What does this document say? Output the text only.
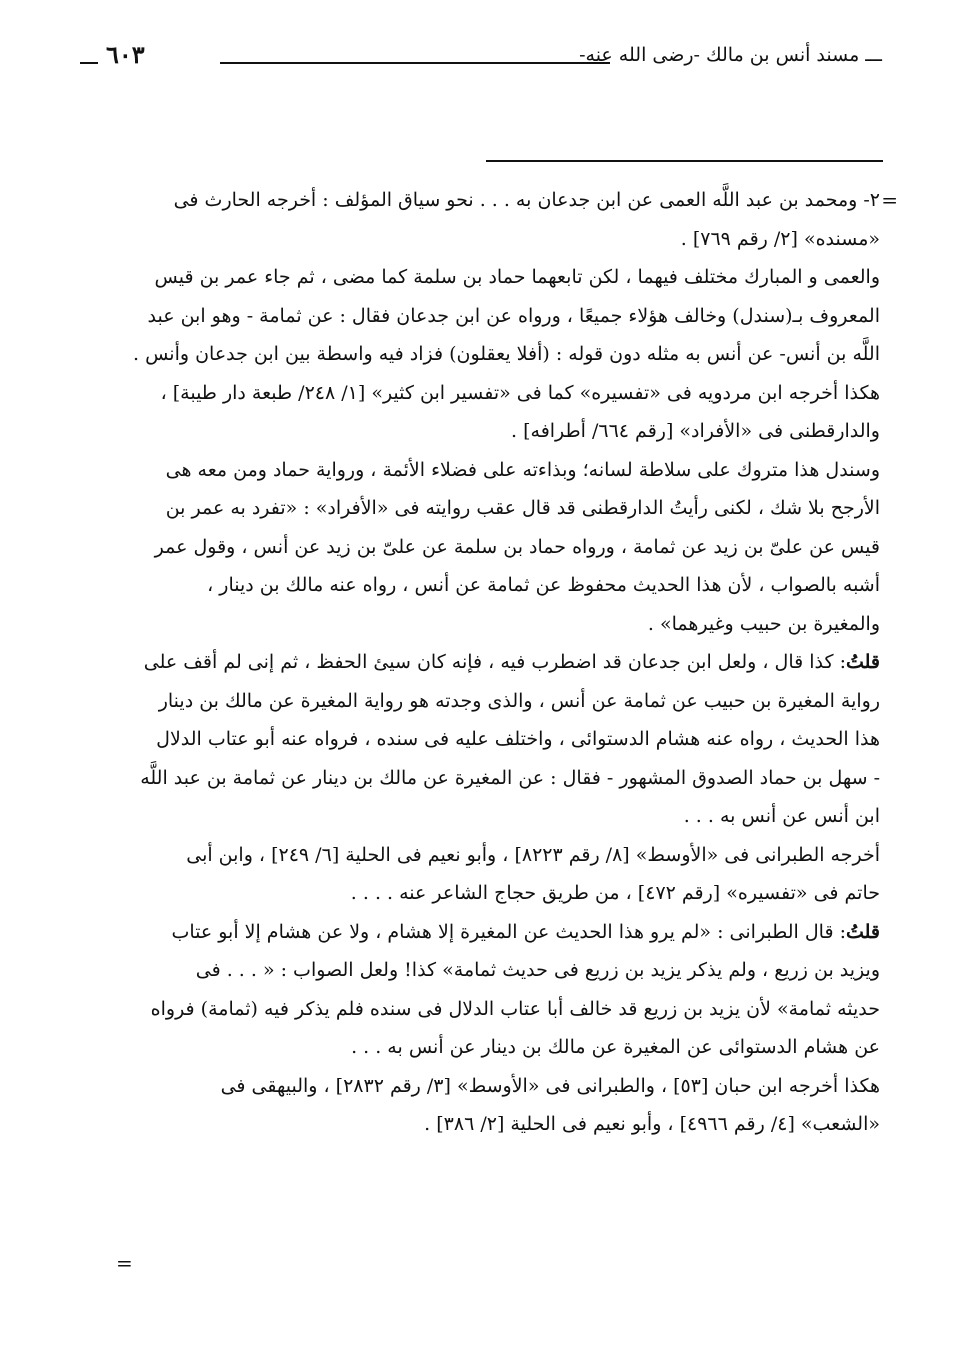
ـــ مسند أنس بن مالك -رضى الله عنه-
٦٠٣
=
٢- ومحمد بن عبد اللَّه العمى عن ابن جدعان به . . . نحو سياق المؤلف : أخرجه الحارث فى
«مسنده» [٢/ رقم ٧٦٩] .
والعمى و المبارك مختلف فيهما ، لكن تابعهما حماد بن سلمة كما مضى ، ثم جاء عمر بن قيس
المعروف بـ(سندل) وخالف هؤلاء جميعًا ، ورواه عن ابن جدعان فقال : عن ثمامة - وهو ابن عبد
اللَّه بن أنس- عن أنس به مثله دون قوله : (أفلا يعقلون) فزاد فيه واسطة بين ابن جدعان وأنس .
هكذا أخرجه ابن مردويه فى «تفسيره» كما فى «تفسير ابن كثير» [١/ ٢٤٨/ طبعة دار طيبة] ،
والدارقطنى فى «الأفراد» [رقم ٦٦٤/ أطرافه] .
وسندل هذا متروك على سلاطة لسانه؛ وبذاءته على فضلاء الأئمة ، ورواية حماد ومن معه هى
الأرجح بلا شك ، لكنى رأيتُ الدارقطنى قد قال عقب روايته فى «الأفراد» : «تفرد به عمر بن
قيس عن علىّ بن زيد عن ثمامة ، ورواه حماد بن سلمة عن علىّ بن زيد عن أنس ، وقول عمر
أشبه بالصواب ، لأن هذا الحديث محفوظ عن ثمامة عن أنس ، رواه عنه مالك بن دينار ،
والمغيرة بن حبيب وغيرهما» .
قلتُ: كذا قال ، ولعل ابن جدعان قد اضطرب فيه ، فإنه كان سيئ الحفظ ، ثم إنى لم أقف على
رواية المغيرة بن حبيب عن ثمامة عن أنس ، والذى وجدته هو رواية المغيرة عن مالك بن دينار
هذا الحديث ، رواه عنه هشام الدستوائى ، واختلف عليه فى سنده ، فرواه عنه أبو عتاب الدلال
- سهل بن حماد الصدوق المشهور - فقال : عن المغيرة عن مالك بن دينار عن ثمامة بن عبد اللَّه
ابن أنس عن أنس به . . .
أخرجه الطبرانى فى «الأوسط» [٨/ رقم ٨٢٢٣] ، وأبو نعيم فى الحلية [٦/ ٢٤٩] ، وابن أبى
حاتم فى «تفسيره» [رقم ٤٧٢] ، من طريق حجاج الشاعر عنه . . . .
قلتُ: قال الطبرانى : «لم يرو هذا الحديث عن المغيرة إلا هشام ، ولا عن هشام إلا أبو عتاب
ويزيد بن زريع ، ولم يذكر يزيد بن زريع فى حديث ثمامة» كذا! ولعل الصواب : « . . . فى
حديثه ثمامة» لأن يزيد بن زريع قد خالف أبا عتاب الدلال فى سنده فلم يذكر فيه (ثمامة) فرواه
عن هشام الدستوائى عن المغيرة عن مالك بن دينار عن أنس به . . .
هكذا أخرجه ابن حبان [٥٣] ، والطبرانى فى «الأوسط» [٣/ رقم ٢٨٣٢] ، والبيهقى فى
«الشعب» [٤/ رقم ٤٩٦٦] ، وأبو نعيم فى الحلية [٢/ ٣٨٦] .
=
